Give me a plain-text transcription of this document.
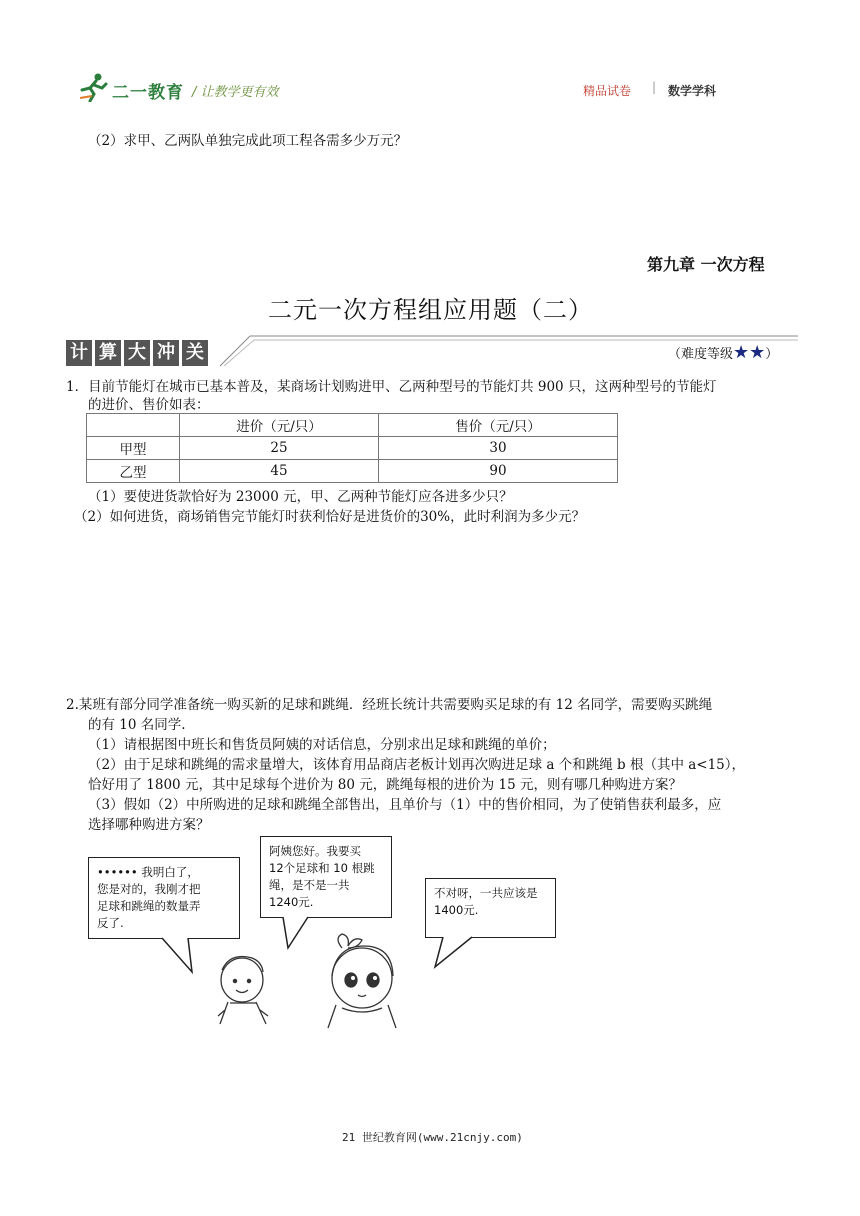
二一教育 / 让教学更有效	精品试卷 | 数学学科
（2）求甲、乙两队单独完成此项工程各需多少万元？
第九章 一次方程
二元一次方程组应用题（二）
计 算 大 冲 关	（难度等级★★）
1．目前节能灯在城市已基本普及，某商场计划购进甲、乙两种型号的节能灯共 900 只，这两种型号的节能灯
的进价、售价如表：
	进价（元/只）	售价（元/只）
甲型	25	30
乙型	45	90
（1）要使进货款恰好为 23000 元，甲、乙两种节能灯应各进多少只？
（2）如何进货，商场销售完节能灯时获利恰好是进货价的30%，此时利润为多少元？
2.某班有部分同学准备统一购买新的足球和跳绳．经班长统计共需要购买足球的有 12 名同学，需要购买跳绳
的有 10 名同学.
（1）请根据图中班长和售货员阿姨的对话信息，分别求出足球和跳绳的单价；
（2）由于足球和跳绳的需求量增大，该体育用品商店老板计划再次购进足球 a 个和跳绳 b 根（其中 a<15），
恰好用了 1800 元，其中足球每个进价为 80 元，跳绳每根的进价为 15 元，则有哪几种购进方案？
（3）假如（2）中所购进的足球和跳绳全部售出，且单价与（1）中的售价相同，为了使销售获利最多，应
选择哪种购进方案？
•••••• 我明白了，
您是对的，我刚才把
足球和跳绳的数量弄
反了.
阿姨您好。我要买
12个足球和 10 根跳
绳，是不是一共
1240元.
不对呀，一共应该是
1400元.
21 世纪教育网(www.21cnjy.com)
